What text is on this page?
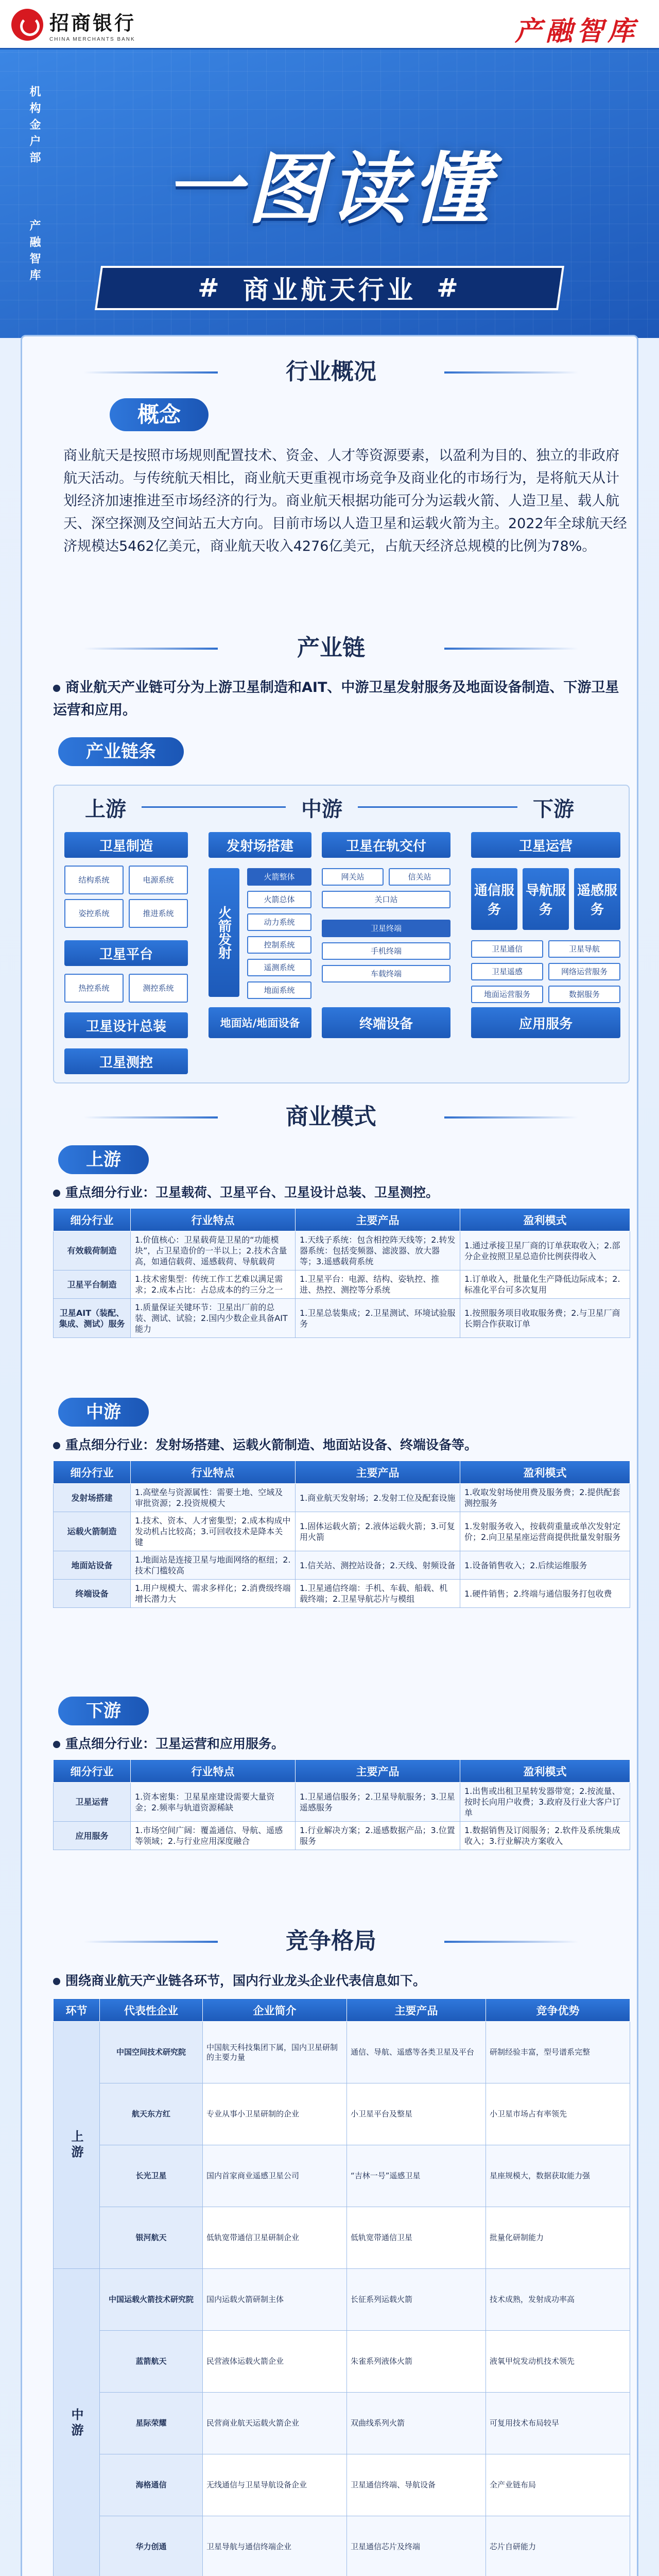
招商银行
CHINA MERCHANTS BANK	产融智库
机构金户部
产融智库
一图读懂
# 商业航天行业 #
行业概况
概念
商业航天是按照市场规则配置技术、资金、人才等资源要素，以盈利为目的、独立的非政府航天活动。与传统航天相比，商业航天更重视市场竞争及商业化的市场行为，是将航天从计划经济加速推进至市场经济的行为。商业航天根据功能可分为运载火箭、人造卫星、载人航天、深空探测及空间站五大方向。目前市场以人造卫星和运载火箭为主。2022年全球航天经济规模达5462亿美元，商业航天收入4276亿美元，占航天经济总规模的比例为78%。
产业链
商业航天产业链可分为上游卫星制造和AIT、中游卫星发射服务及地面设备制造、下游卫星运营和应用。
产业链条
上游	中游	下游
卫星制造
卫星平台
卫星设计总装
卫星测控
结构系统	电源系统
姿控系统	推进系统
热控系统	测控系统
发射场搭建
火箭发射
卫星在轨交付
地面站/地面设备	终端设备
火箭整体
火箭总体
动力系统
控制系统
遥测系统
地面系统
网关站	信关站
关口站
卫星终端
手机终端
车载终端
卫星运营
通信服务
导航服务
遥感服务
应用服务
卫星通信	卫星导航
卫星遥感	网络运营服务
地面运营服务	数据服务
商业模式
上游
重点细分行业：卫星载荷、卫星平台、卫星设计总装、卫星测控。
细分行业	行业特点	主要产品	盈利模式
有效载荷制造	1.价值核心：卫星载荷是卫星的“功能模块”，占卫星造价的一半以上；2.技术含量高，如通信载荷、遥感载荷、导航载荷	1.天线子系统：包含相控阵天线等；2.转发器系统：包括变频器、滤波器、放大器等；3.遥感载荷系统	1.通过承接卫星厂商的订单获取收入；2.部分企业按照卫星总造价比例获得收入
卫星平台制造	1.技术密集型：传统工作工艺难以满足需求；2.成本占比：占总成本的约三分之一	1.卫星平台：电源、结构、姿轨控、推进、热控、测控等分系统	1.订单收入，批量化生产降低边际成本；2.标准化平台可多次复用
卫星AIT（装配、集成、测试）服务	1.质量保证关键环节：卫星出厂前的总装、测试、试验；2.国内少数企业具备AIT能力	1.卫星总装集成；2.卫星测试、环境试验服务	1.按照服务项目收取服务费；2.与卫星厂商长期合作获取订单
中游
重点细分行业：发射场搭建、运载火箭制造、地面站设备、终端设备等。
细分行业	行业特点	主要产品	盈利模式
发射场搭建	1.高壁垒与资源属性：需要土地、空域及审批资源；2.投资规模大	1.商业航天发射场；2.发射工位及配套设施	1.收取发射场使用费及服务费；2.提供配套测控服务
运载火箭制造	1.技术、资本、人才密集型；2.成本构成中发动机占比较高；3.可回收技术是降本关键	1.固体运载火箭；2.液体运载火箭；3.可复用火箭	1.发射服务收入，按载荷重量或单次发射定价；2.向卫星星座运营商提供批量发射服务
地面站设备	1.地面站是连接卫星与地面网络的枢纽；2.技术门槛较高	1.信关站、测控站设备；2.天线、射频设备	1.设备销售收入；2.后续运维服务
终端设备	1.用户规模大、需求多样化；2.消费级终端增长潜力大	1.卫星通信终端：手机、车载、船载、机载终端；2.卫星导航芯片与模组	1.硬件销售；2.终端与通信服务打包收费
下游
重点细分行业：卫星运营和应用服务。
细分行业	行业特点	主要产品	盈利模式
卫星运营	1.资本密集：卫星星座建设需要大量资金；2.频率与轨道资源稀缺	1.卫星通信服务；2.卫星导航服务；3.卫星遥感服务	1.出售或出租卫星转发器带宽；2.按流量、按时长向用户收费；3.政府及行业大客户订单
应用服务	1.市场空间广阔：覆盖通信、导航、遥感等领域；2.与行业应用深度融合	1.行业解决方案；2.遥感数据产品；3.位置服务	1.数据销售及订阅服务；2.软件及系统集成收入；3.行业解决方案收入
竞争格局
围绕商业航天产业链各环节，国内行业龙头企业代表信息如下。
环节	代表性企业	企业简介	主要产品	竞争优势
上游	中国空间技术研究院	中国航天科技集团下属，国内卫星研制的主要力量	通信、导航、遥感等各类卫星及平台	研制经验丰富，型号谱系完整
	航天东方红	专业从事小卫星研制的企业	小卫星平台及整星	小卫星市场占有率领先
	长光卫星	国内首家商业遥感卫星公司	“吉林一号”遥感卫星	星座规模大，数据获取能力强
	银河航天	低轨宽带通信卫星研制企业	低轨宽带通信卫星	批量化研制能力
中游	中国运载火箭技术研究院	国内运载火箭研制主体	长征系列运载火箭	技术成熟，发射成功率高
	蓝箭航天	民营液体运载火箭企业	朱雀系列液体火箭	液氧甲烷发动机技术领先
	星际荣耀	民营商业航天运载火箭企业	双曲线系列火箭	可复用技术布局较早
	海格通信	无线通信与卫星导航设备企业	卫星通信终端、导航设备	全产业链布局
	华力创通	卫星导航与通信终端企业	卫星通信芯片及终端	芯片自研能力
